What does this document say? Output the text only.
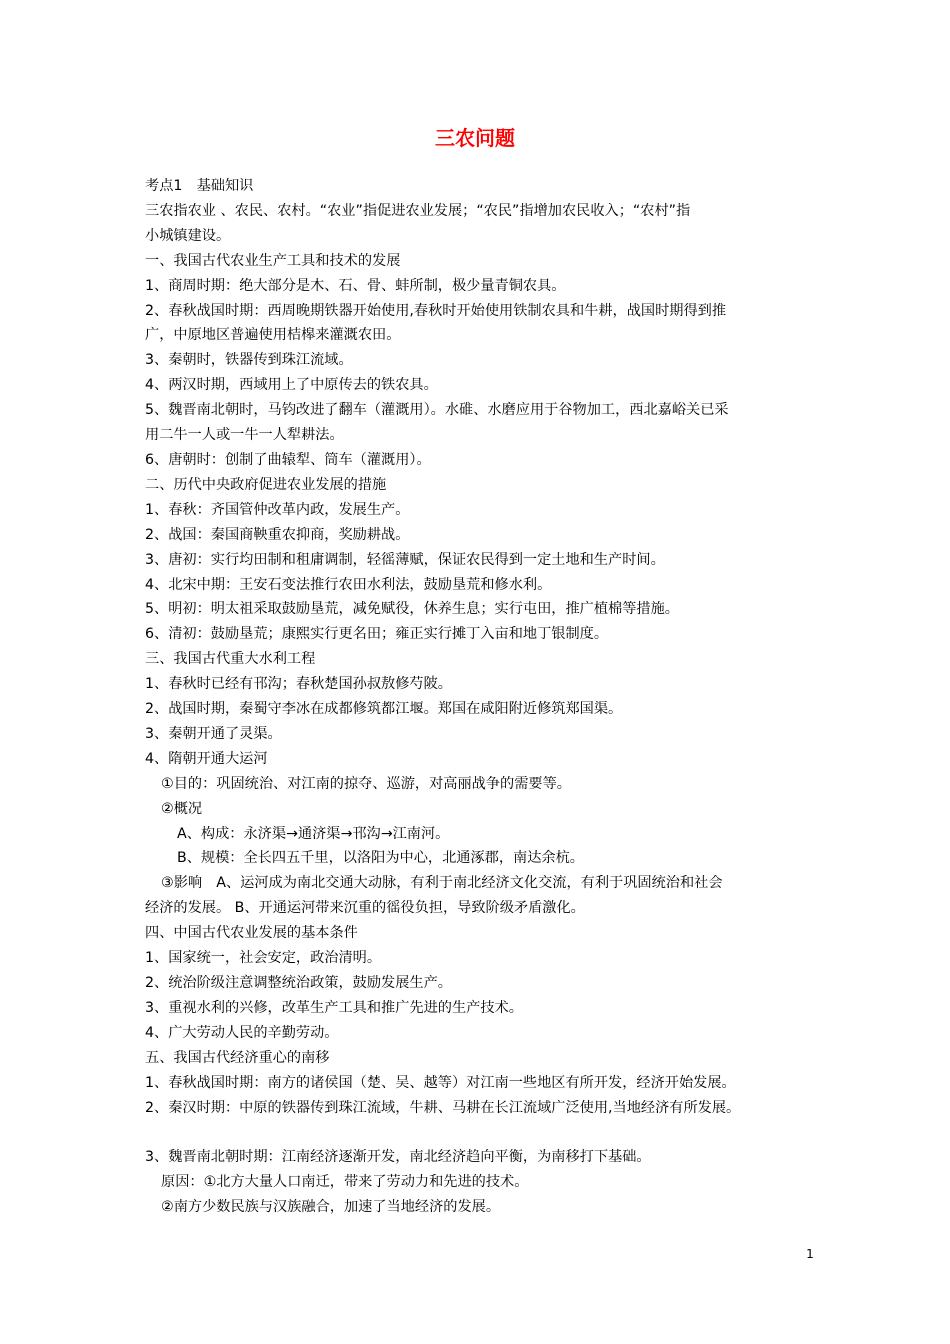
三农问题
考点1　基础知识
三农指农业 、农民、农村。“农业”指促进农业发展；“农民”指增加农民收入；“农村”指
小城镇建设。
一、我国古代农业生产工具和技术的发展
1、商周时期：绝大部分是木、石、骨、蚌所制，极少量青铜农具。
2、春秋战国时期：西周晚期铁器开始使用,春秋时开始使用铁制农具和牛耕，战国时期得到推
广，中原地区普遍使用桔槔来灌溉农田。
3、秦朝时，铁器传到珠江流域。
4、两汉时期，西域用上了中原传去的铁农具。
5、魏晋南北朝时，马钧改进了翻车（灌溉用）。水碓、水磨应用于谷物加工，西北嘉峪关已采
用二牛一人或一牛一人犁耕法。
6、唐朝时：创制了曲辕犁、筒车（灌溉用）。
二、历代中央政府促进农业发展的措施
1、春秋：齐国管仲改革内政，发展生产。
2、战国：秦国商鞅重农抑商，奖励耕战。
3、唐初：实行均田制和租庸调制，轻徭薄赋，保证农民得到一定土地和生产时间。
4、北宋中期：王安石变法推行农田水利法，鼓励垦荒和修水利。
5、明初：明太祖采取鼓励垦荒，减免赋役，休养生息；实行屯田，推广植棉等措施。
6、清初：鼓励垦荒；康熙实行更名田；雍正实行摊丁入亩和地丁银制度。
三、我国古代重大水利工程
1、春秋时已经有邗沟；春秋楚国孙叔敖修芍陂。
2、战国时期，秦蜀守李冰在成都修筑都江堰。郑国在咸阳附近修筑郑国渠。
3、秦朝开通了灵渠。
4、隋朝开通大运河
①目的：巩固统治、对江南的掠夺、巡游，对高丽战争的需要等。
②概况
A、构成：永济渠→通济渠→邗沟→江南河。
B、规模：全长四五千里，以洛阳为中心，北通涿郡，南达余杭。
③影响　A、运河成为南北交通大动脉，有利于南北经济文化交流，有利于巩固统治和社会
经济的发展。 B、开通运河带来沉重的徭役负担，导致阶级矛盾激化。
四、中国古代农业发展的基本条件
1、国家统一，社会安定，政治清明。
2、统治阶级注意调整统治政策，鼓励发展生产。
3、重视水利的兴修，改革生产工具和推广先进的生产技术。
4、广大劳动人民的辛勤劳动。
五、我国古代经济重心的南移
1、春秋战国时期：南方的诸侯国（楚、吴、越等）对江南一些地区有所开发，经济开始发展。
2、秦汉时期：中原的铁器传到珠江流域，牛耕、马耕在长江流域广泛使用,当地经济有所发展。
3、魏晋南北朝时期：江南经济逐渐开发，南北经济趋向平衡，为南移打下基础。
原因：①北方大量人口南迁，带来了劳动力和先进的技术。
②南方少数民族与汉族融合，加速了当地经济的发展。
1
